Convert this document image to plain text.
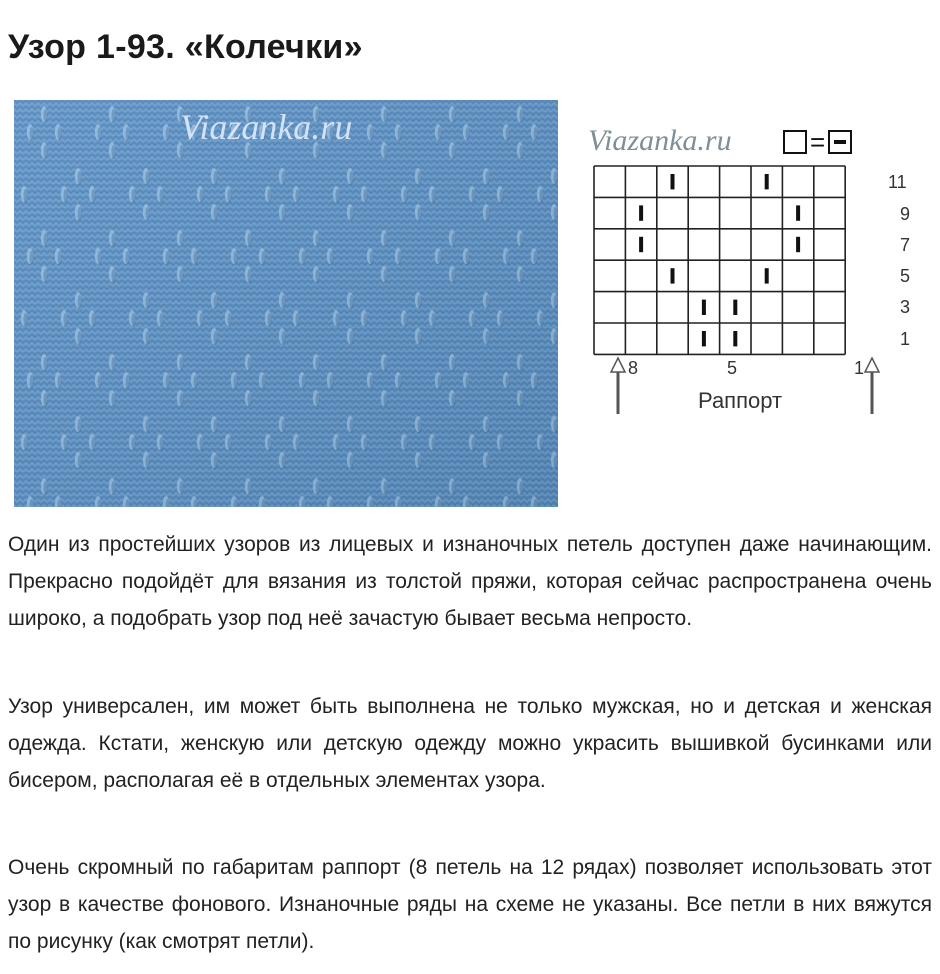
Узор 1-93. «Колечки»
Viazanka.ru	Viazanka.ru	=
11
9
7
5
3
1
8	5	1
Раппорт

Один из простейших узоров из лицевых и изнаночных петель доступен даже начинающим. Прекрасно подойдёт для вязания из толстой пряжи, которая сейчас распространена очень широко, а подобрать узор под неё зачастую бывает весьма непросто.

Узор универсален, им может быть выполнена не только мужская, но и детская и женская одежда. Кстати, женскую или детскую одежду можно украсить вышивкой бусинками или бисером, располагая её в отдельных элементах узора.

Очень скромный по габаритам раппорт (8 петель на 12 рядах) позволяет использовать этот узор в качестве фонового. Изнаночные ряды на схеме не указаны. Все петли в них вяжутся по рисунку (как смотрят петли).
